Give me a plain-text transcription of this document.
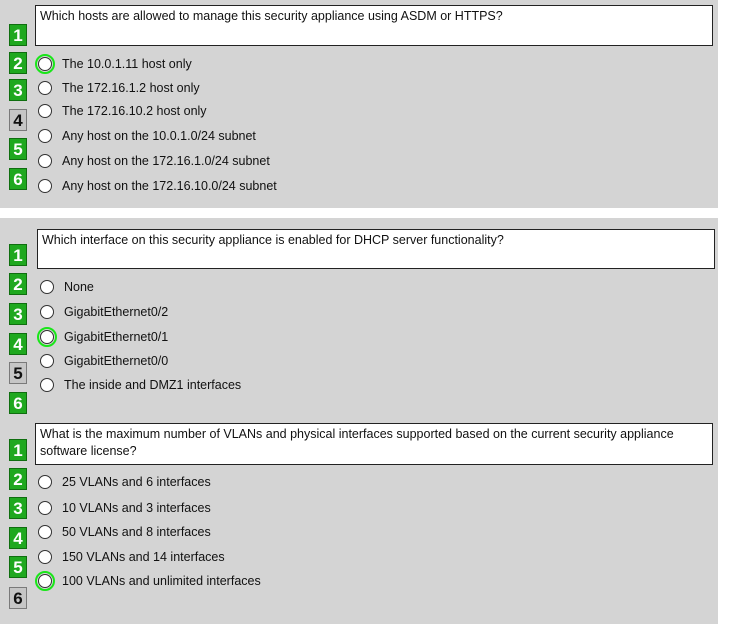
Which hosts are allowed to manage this security appliance using ASDM or HTTPS?
1
2
3
4
5
6
The 10.0.1.11 host only
The 172.16.1.2 host only
The 172.16.10.2 host only
Any host on the 10.0.1.0/24 subnet
Any host on the 172.16.1.0/24 subnet
Any host on the 172.16.10.0/24 subnet
Which interface on this security appliance is enabled for DHCP server functionality?
1
2
3
4
5
6
None
GigabitEthernet0/2
GigabitEthernet0/1
GigabitEthernet0/0
The inside and DMZ1 interfaces
What is the maximum number of VLANs and physical interfaces supported based on the current security appliance software license?
1
2
3
4
5
6
25 VLANs and 6 interfaces
10 VLANs and 3 interfaces
50 VLANs and 8 interfaces
150 VLANs and 14 interfaces
100 VLANs and unlimited interfaces
